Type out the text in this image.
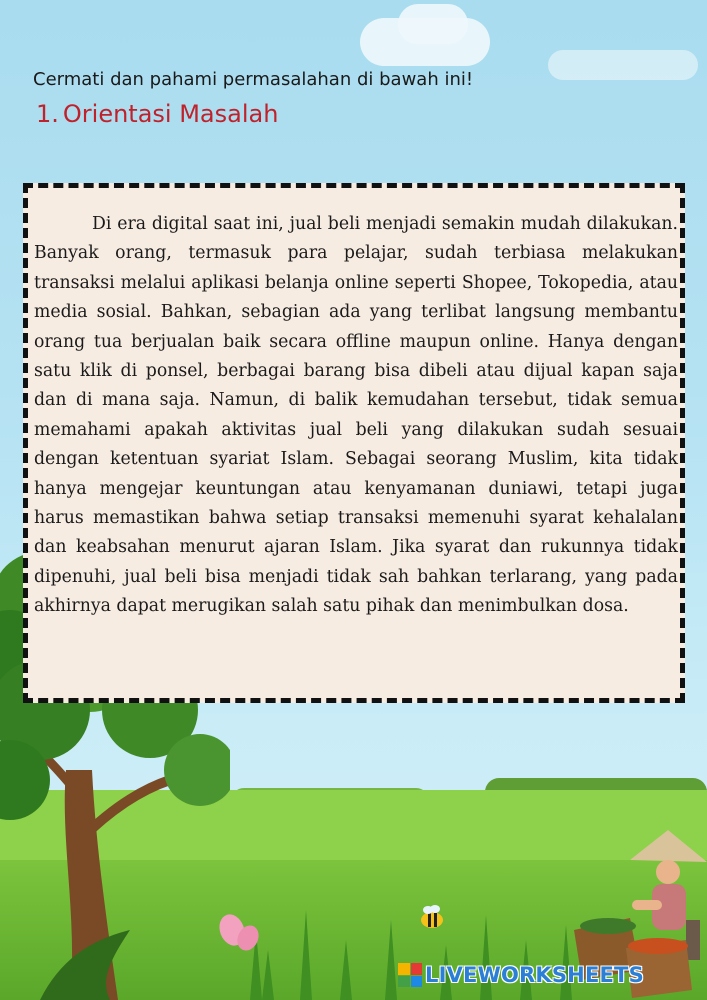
Cermati dan pahami permasalahan di bawah ini!

1. Orientasi Masalah

Di era digital saat ini, jual beli menjadi semakin mudah dilakukan. Banyak orang, termasuk para pelajar, sudah terbiasa melakukan transaksi melalui aplikasi belanja online seperti Shopee, Tokopedia, atau media sosial. Bahkan, sebagian ada yang terlibat langsung membantu orang tua berjualan baik secara offline maupun online. Hanya dengan satu klik di ponsel, berbagai barang bisa dibeli atau dijual kapan saja dan di mana saja. Namun, di balik kemudahan tersebut, tidak semua memahami apakah aktivitas jual beli yang dilakukan sudah sesuai dengan ketentuan syariat Islam. Sebagai seorang Muslim, kita tidak hanya mengejar keuntungan atau kenyamanan duniawi, tetapi juga harus memastikan bahwa setiap transaksi memenuhi syarat kehalalan dan keabsahan menurut ajaran Islam. Jika syarat dan rukunnya tidak dipenuhi, jual beli bisa menjadi tidak sah bahkan terlarang, yang pada akhirnya dapat merugikan salah satu pihak dan menimbulkan dosa.

LIVEWORKSHEETS
